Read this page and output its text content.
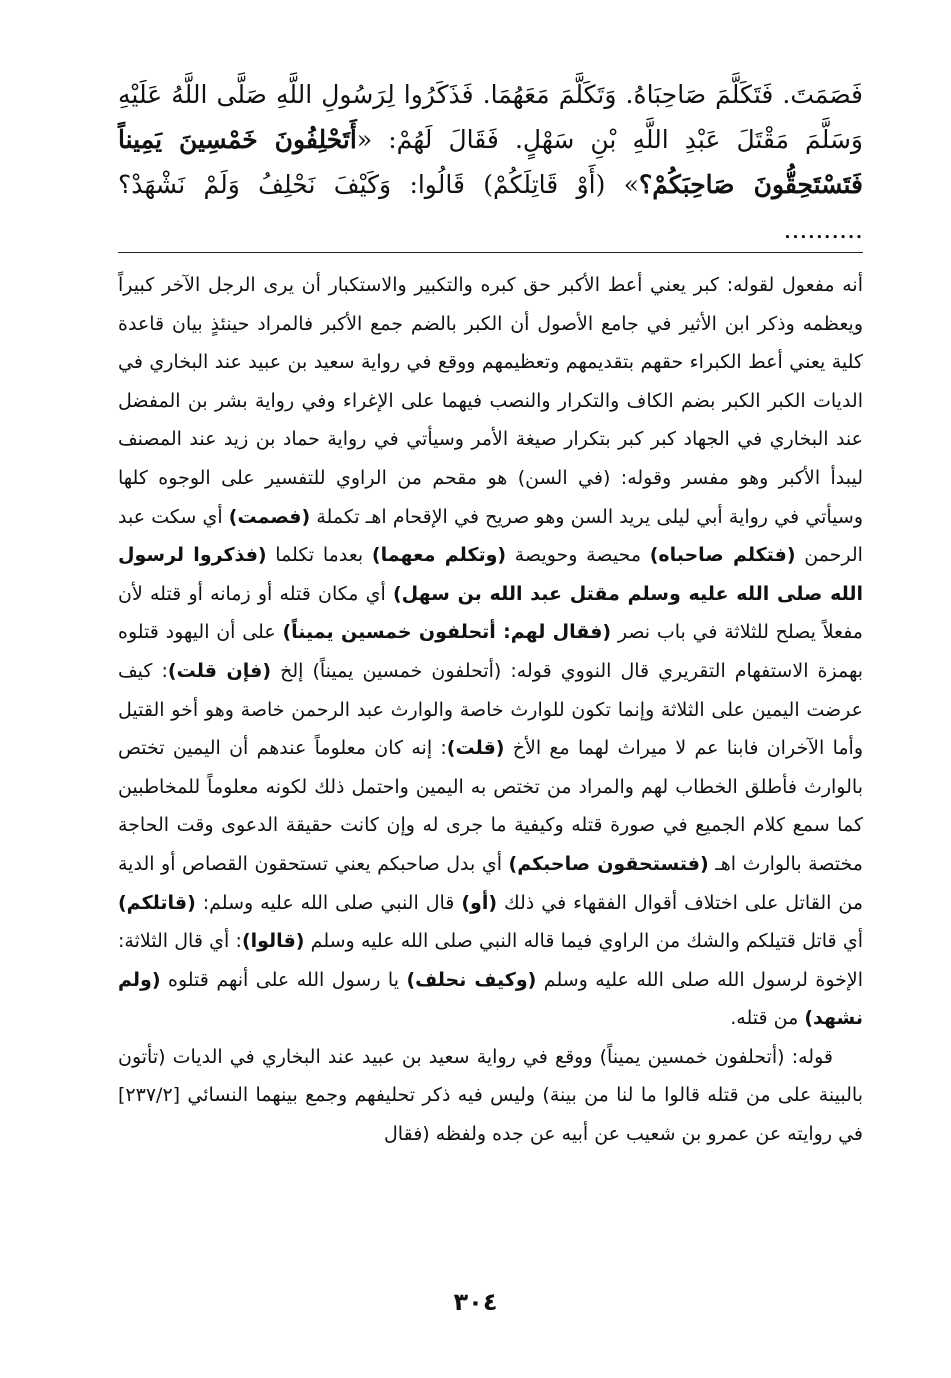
فَصَمَتَ. فَتَكَلَّمَ صَاحِبَاهُ. وَتَكَلَّمَ مَعَهُمَا. فَذَكَرُوا لِرَسُولِ اللَّهِ صَلَّى اللَّهُ عَلَيْهِ وَسَلَّمَ مَقْتَلَ عَبْدِ اللَّهِ بْنِ سَهْلٍ. فَقَالَ لَهُمْ: «أَتَحْلِفُونَ خَمْسِينَ يَمِيناً فَتَسْتَحِقُّونَ صَاحِبَكُمْ؟» (أَوْ قَاتِلَكُمْ) قَالُوا: وَكَيْفَ نَحْلِفُ وَلَمْ نَشْهَدْ؟ ..........

أنه مفعول لقوله: كبر يعني أعط الأكبر حق كبره والتكبير والاستكبار أن يرى الرجل الآخر كبيراً ويعظمه وذكر ابن الأثير في جامع الأصول أن الكبر بالضم جمع الأكبر فالمراد حينئذٍ بيان قاعدة كلية يعني أعط الكبراء حقهم بتقديمهم وتعظيمهم ووقع في رواية سعيد بن عبيد عند البخاري في الديات الكبر الكبر بضم الكاف والتكرار والنصب فيهما على الإغراء وفي رواية بشر بن المفضل عند البخاري في الجهاد كبر كبر بتكرار صيغة الأمر وسيأتي في رواية حماد بن زيد عند المصنف ليبدأ الأكبر وهو مفسر وقوله: (في السن) هو مقحم من الراوي للتفسير على الوجوه كلها وسيأتي في رواية أبي ليلى يريد السن وهو صريح في الإقحام اهـ تكملة (فصمت) أي سكت عبد الرحمن (فتكلم صاحباه) محيصة وحويصة (وتكلم معهما) بعدما تكلما (فذكروا لرسول الله صلى الله عليه وسلم مقتل عبد الله بن سهل) أي مكان قتله أو زمانه أو قتله لأن مفعلاً يصلح للثلاثة في باب نصر (فقال لهم: أتحلفون خمسين يميناً) على أن اليهود قتلوه بهمزة الاستفهام التقريري قال النووي قوله: (أتحلفون خمسين يميناً) إلخ (فإن قلت): كيف عرضت اليمين على الثلاثة وإنما تكون للوارث خاصة والوارث عبد الرحمن خاصة وهو أخو القتيل وأما الآخران فابنا عم لا ميراث لهما مع الأخ (قلت): إنه كان معلوماً عندهم أن اليمين تختص بالوارث فأطلق الخطاب لهم والمراد من تختص به اليمين واحتمل ذلك لكونه معلوماً للمخاطبين كما سمع كلام الجميع في صورة قتله وكيفية ما جرى له وإن كانت حقيقة الدعوى وقت الحاجة مختصة بالوارث اهـ (فتستحقون صاحبكم) أي بدل صاحبكم يعني تستحقون القصاص أو الدية من القاتل على اختلاف أقوال الفقهاء في ذلك (أو) قال النبي صلى الله عليه وسلم: (قاتلكم) أي قاتل قتيلكم والشك من الراوي فيما قاله النبي صلى الله عليه وسلم (قالوا): أي قال الثلاثة: الإخوة لرسول الله صلى الله عليه وسلم (وكيف نحلف) يا رسول الله على أنهم قتلوه (ولم نشهد) من قتله.

قوله: (أتحلفون خمسين يميناً) ووقع في رواية سعيد بن عبيد عند البخاري في الديات (تأتون بالبينة على من قتله قالوا ما لنا من بينة) وليس فيه ذكر تحليفهم وجمع بينهما النسائي [٢٣٧/٢] في روايته عن عمرو بن شعيب عن أبيه عن جده ولفظه (فقال

٣٠٤
